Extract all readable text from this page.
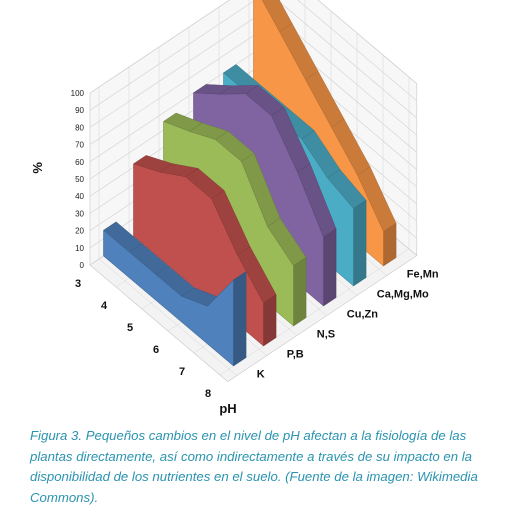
0
10
20
30
40
50
60
70
80
90
100
3
4
5
6
7
8
K
P,B
N,S
Cu,Zn
Ca,Mg,Mo
Fe,Mn
%
pH

Figura 3. Pequeños cambios en el nivel de pH afectan a la fisiología de las plantas directamente, así como indirectamente a través de su impacto en la disponibilidad de los nutrientes en el suelo. (Fuente de la imagen: Wikimedia Commons).
